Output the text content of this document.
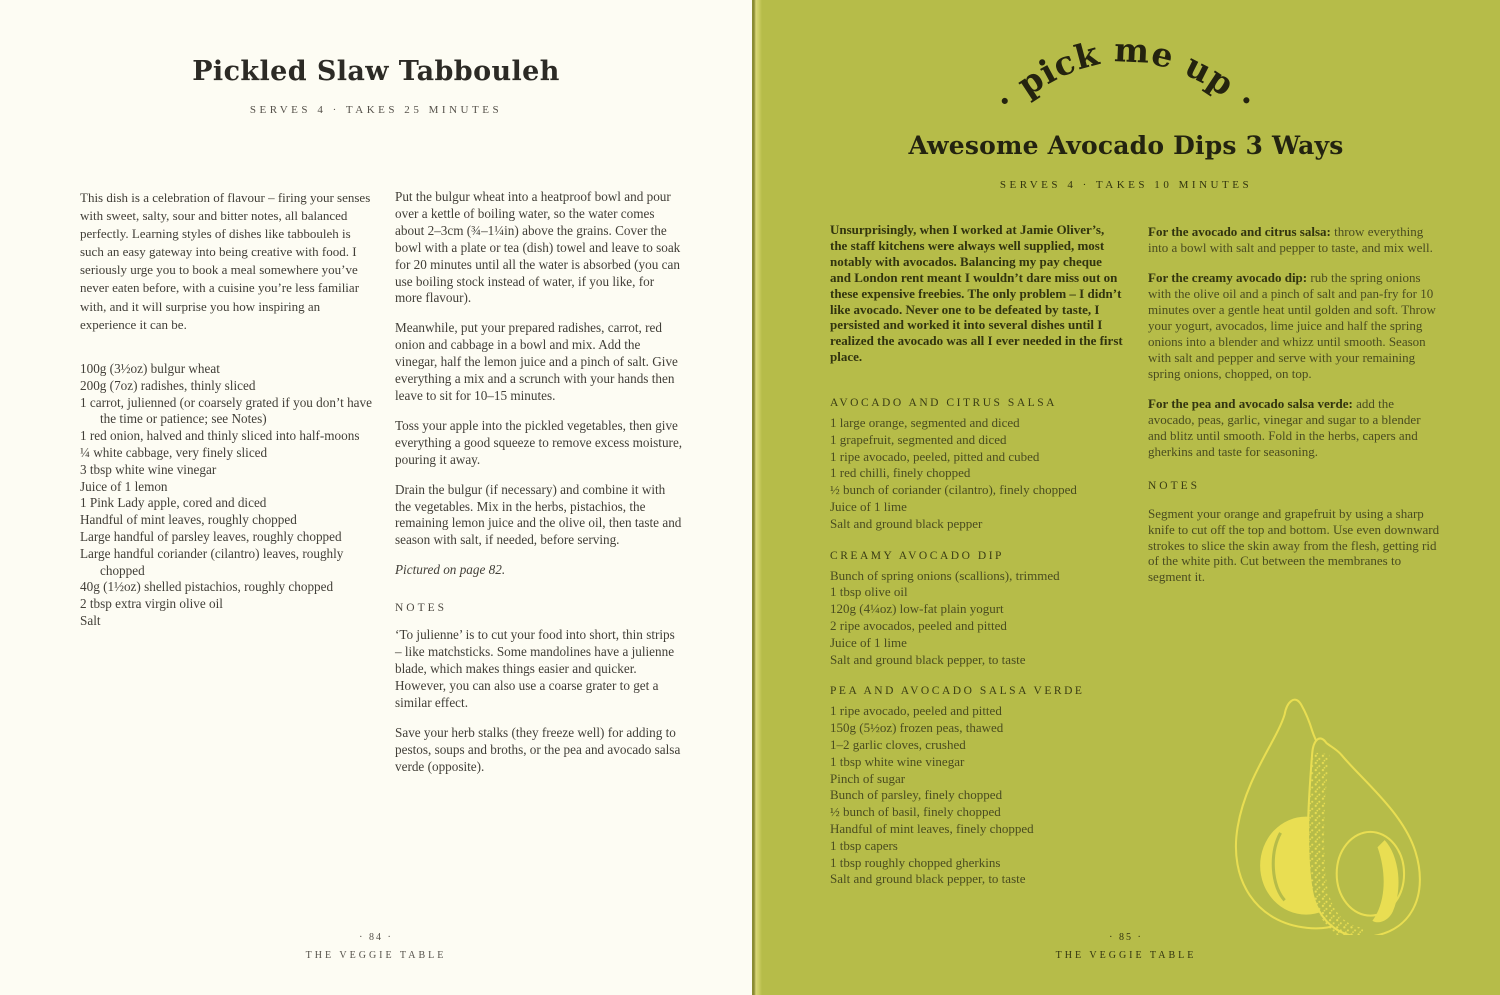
Pickled Slaw Tabbouleh
SERVES 4 · TAKES 25 MINUTES

This dish is a celebration of flavour – firing your senses with sweet, salty, sour and bitter notes, all balanced perfectly. Learning styles of dishes like tabbouleh is such an easy gateway into being creative with food. I seriously urge you to book a meal somewhere you’ve never eaten before, with a cuisine you’re less familiar with, and it will surprise you how inspiring an experience it can be.

100g (3½oz) bulgur wheat

200g (7oz) radishes, thinly sliced

1 carrot, julienned (or coarsely grated if you don’t have the time or patience; see Notes)

1 red onion, halved and thinly sliced into half-moons

¼ white cabbage, very finely sliced

3 tbsp white wine vinegar

Juice of 1 lemon

1 Pink Lady apple, cored and diced

Handful of mint leaves, roughly chopped

Large handful of parsley leaves, roughly chopped

Large handful coriander (cilantro) leaves, roughly chopped

40g (1½oz) shelled pistachios, roughly chopped

2 tbsp extra virgin olive oil

Salt

Put the bulgur wheat into a heatproof bowl and pour over a kettle of boiling water, so the water comes about 2–3cm (¾–1¼in) above the grains. Cover the bowl with a plate or tea (dish) towel and leave to soak for 20 minutes until all the water is absorbed (you can use boiling stock instead of water, if you like, for more flavour).

Meanwhile, put your prepared radishes, carrot, red onion and cabbage in a bowl and mix. Add the vinegar, half the lemon juice and a pinch of salt. Give everything a mix and a scrunch with your hands then leave to sit for 10–15 minutes.

Toss your apple into the pickled vegetables, then give everything a good squeeze to remove excess moisture, pouring it away.

Drain the bulgur (if necessary) and combine it with the vegetables. Mix in the herbs, pistachios, the remaining lemon juice and the olive oil, then taste and season with salt, if needed, before serving.

Pictured on page 82.

NOTES

‘To julienne’ is to cut your food into short, thin strips – like matchsticks. Some mandolines have a julienne blade, which makes things easier and quicker. However, you can also use a coarse grater to get a similar effect.

Save your herb stalks (they freeze well) for adding to pestos, soups and broths, or the pea and avocado salsa verde (opposite).

· 84 ·
THE VEGGIE TABLE
· pick me up ·
Awesome Avocado Dips 3 Ways
SERVES 4 · TAKES 10 MINUTES

Unsurprisingly, when I worked at Jamie Oliver’s, the staff kitchens were always well supplied, most notably with avocados. Balancing my pay cheque and London rent meant I wouldn’t dare miss out on these expensive freebies. The only problem – I didn’t like avocado. Never one to be defeated by taste, I persisted and worked it into several dishes until I realized the avocado was all I ever needed in the first place.

AVOCADO AND CITRUS SALSA

1 large orange, segmented and diced

1 grapefruit, segmented and diced

1 ripe avocado, peeled, pitted and cubed

1 red chilli, finely chopped

½ bunch of coriander (cilantro), finely chopped

Juice of 1 lime

Salt and ground black pepper

CREAMY AVOCADO DIP

Bunch of spring onions (scallions), trimmed

1 tbsp olive oil

120g (4¼oz) low-fat plain yogurt

2 ripe avocados, peeled and pitted

Juice of 1 lime

Salt and ground black pepper, to taste

PEA AND AVOCADO SALSA VERDE

1 ripe avocado, peeled and pitted

150g (5½oz) frozen peas, thawed

1–2 garlic cloves, crushed

1 tbsp white wine vinegar

Pinch of sugar

Bunch of parsley, finely chopped

½ bunch of basil, finely chopped

Handful of mint leaves, finely chopped

1 tbsp capers

1 tbsp roughly chopped gherkins

Salt and ground black pepper, to taste

For the avocado and citrus salsa: throw everything into a bowl with salt and pepper to taste, and mix well.

For the creamy avocado dip: rub the spring onions with the olive oil and a pinch of salt and pan-fry for 10 minutes over a gentle heat until golden and soft. Throw your yogurt, avocados, lime juice and half the spring onions into a blender and whizz until smooth. Season with salt and pepper and serve with your remaining spring onions, chopped, on top.

For the pea and avocado salsa verde: add the avocado, peas, garlic, vinegar and sugar to a blender and blitz until smooth. Fold in the herbs, capers and gherkins and taste for seasoning.

NOTES

Segment your orange and grapefruit by using a sharp knife to cut off the top and bottom. Use even downward strokes to slice the skin away from the flesh, getting rid of the white pith. Cut between the membranes to segment it.

· 85 ·
THE VEGGIE TABLE
